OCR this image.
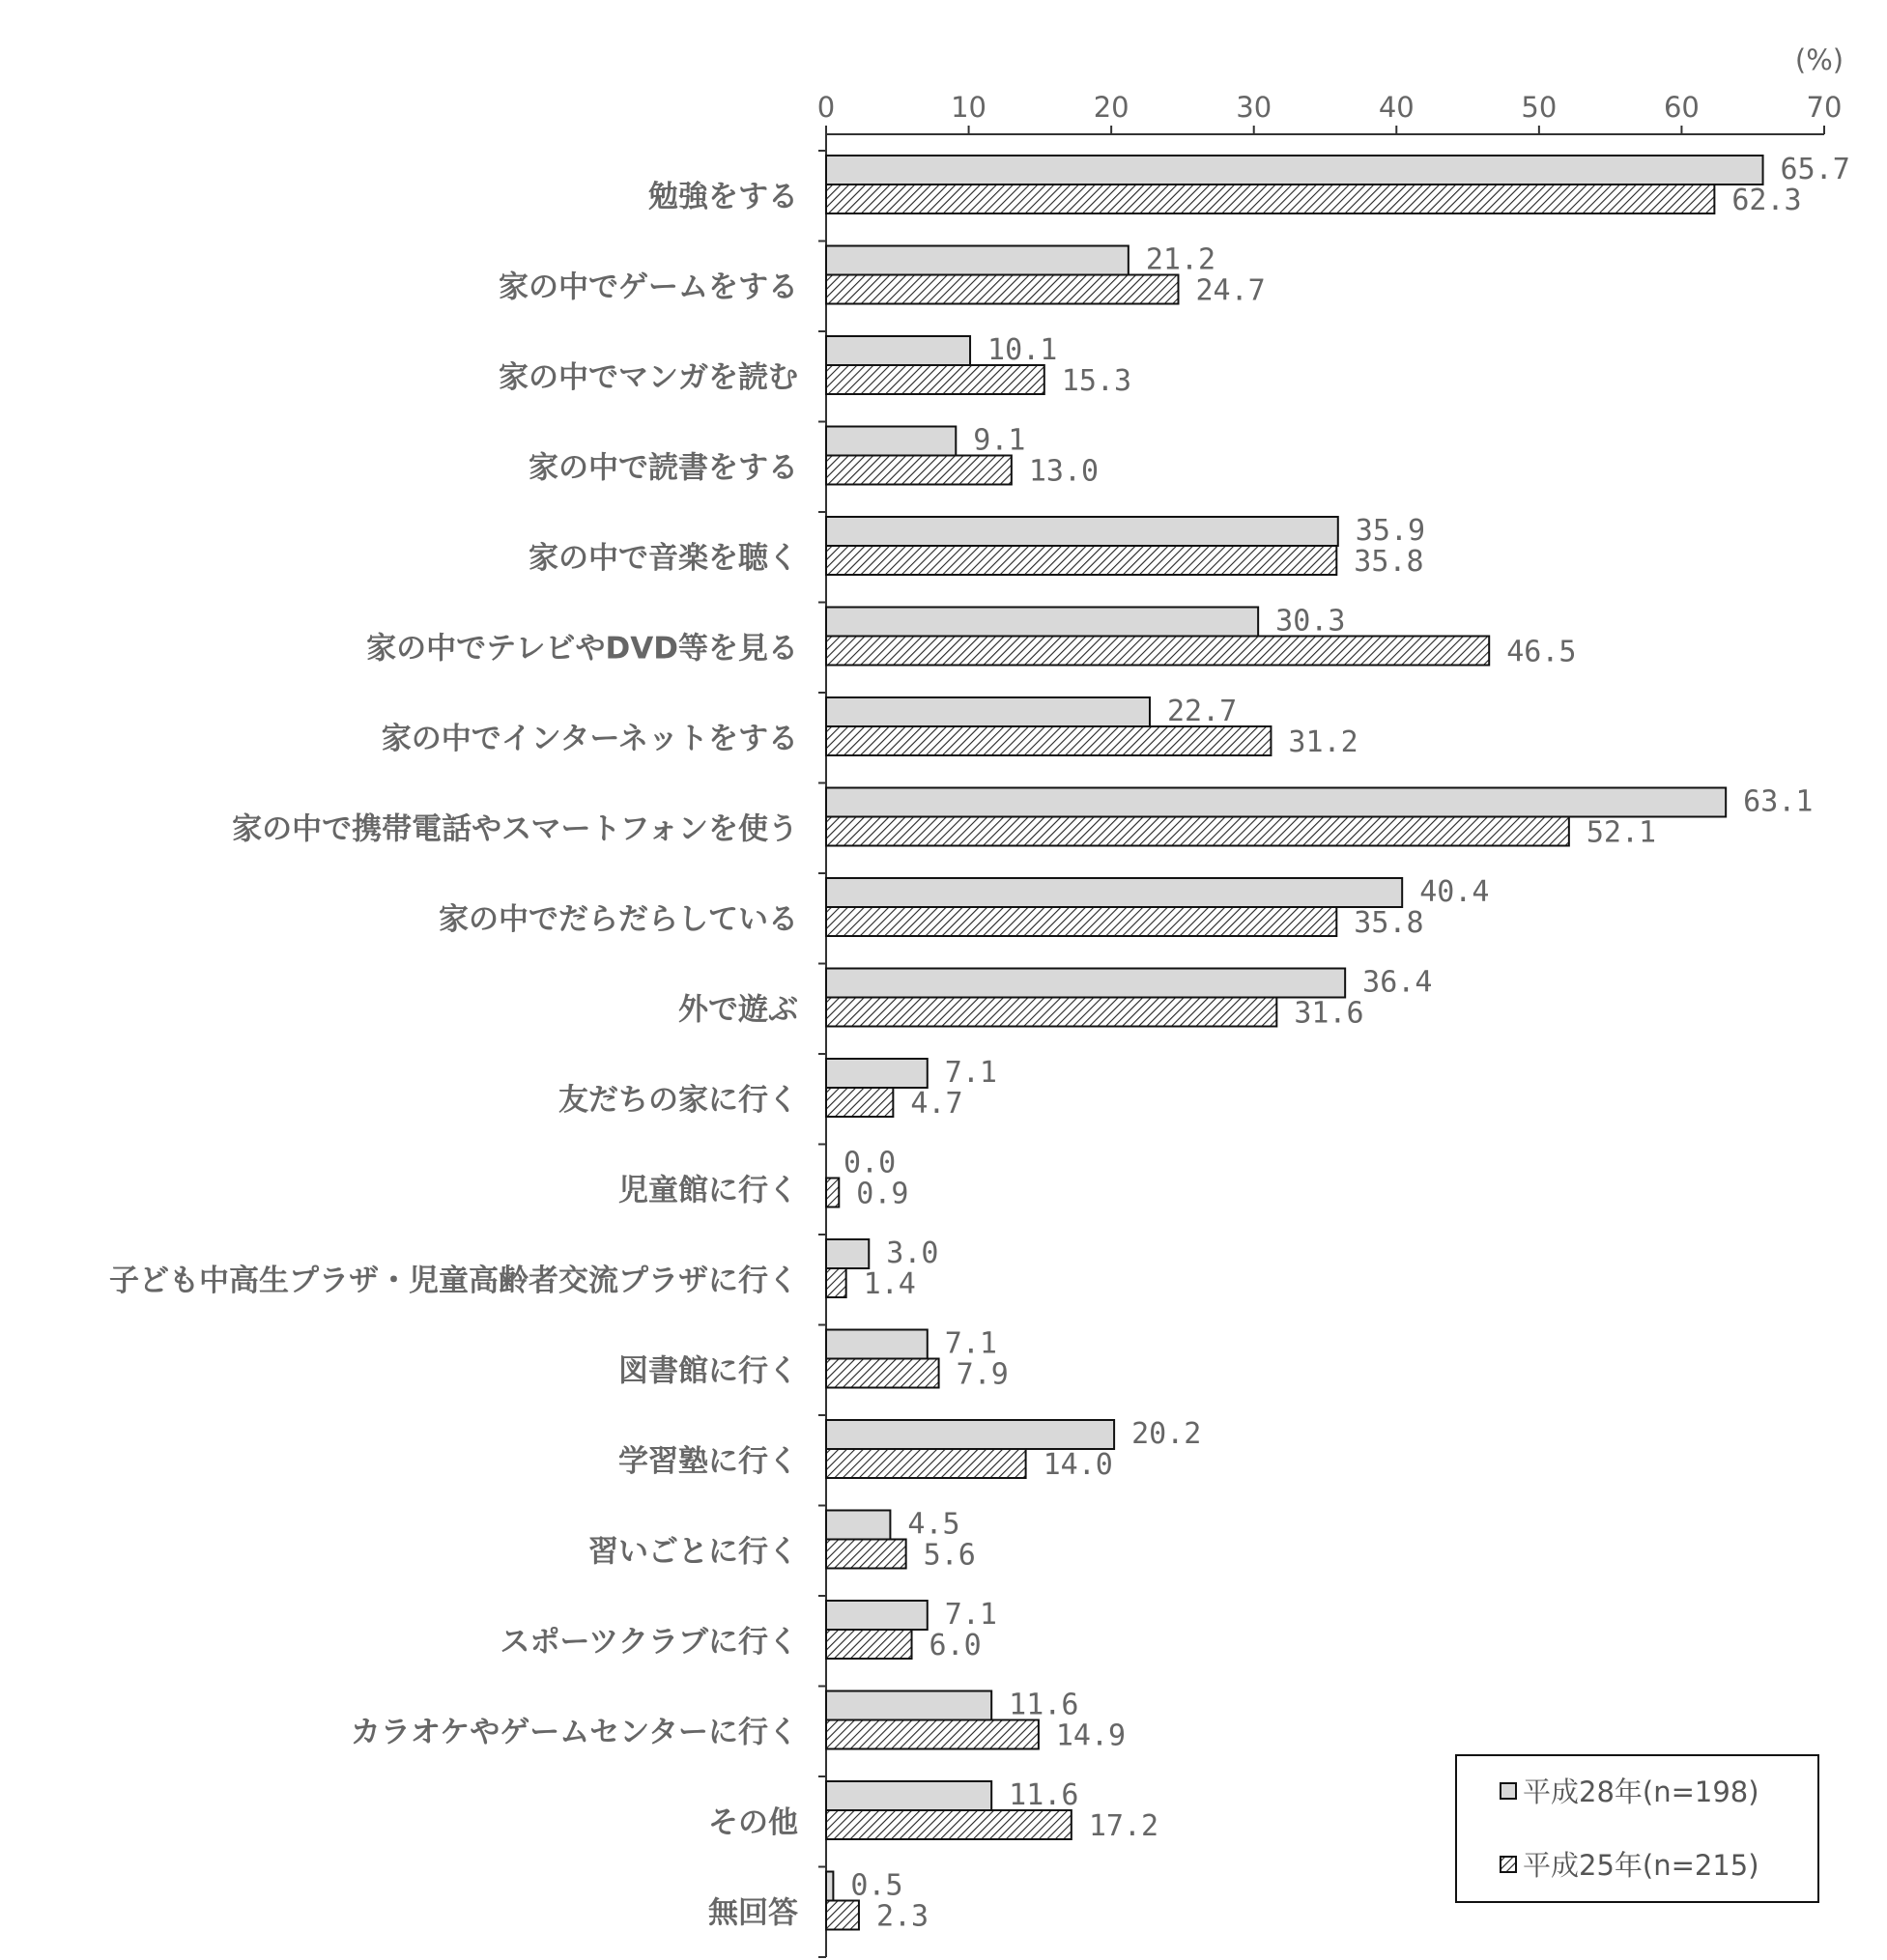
(%)
0	10	20	30	40	50	60	70
勉強をする
65.7
62.3
家の中でゲームをする
21.2
24.7
家の中でマンガを読む
10.1
15.3
家の中で読書をする
9.1
13.0
家の中で音楽を聴く
35.9
35.8
家の中でテレビやDVD等を見る
30.3
46.5
家の中でインターネットをする
22.7
31.2
家の中で携帯電話やスマートフォンを使う
63.1
52.1
家の中でだらだらしている
40.4
35.8
外で遊ぶ
36.4
31.6
友だちの家に行く
7.1
4.7
児童館に行く
0.0
0.9
子ども中高生プラザ・児童高齢者交流プラザに行く
3.0
1.4
図書館に行く
7.1
7.9
学習塾に行く
20.2
14.0
習いごとに行く
4.5
5.6
スポーツクラブに行く
7.1
6.0
カラオケやゲームセンターに行く
11.6
14.9
その他
11.6
17.2
無回答
0.5
2.3
平成28年(n=198)
平成25年(n=215)
